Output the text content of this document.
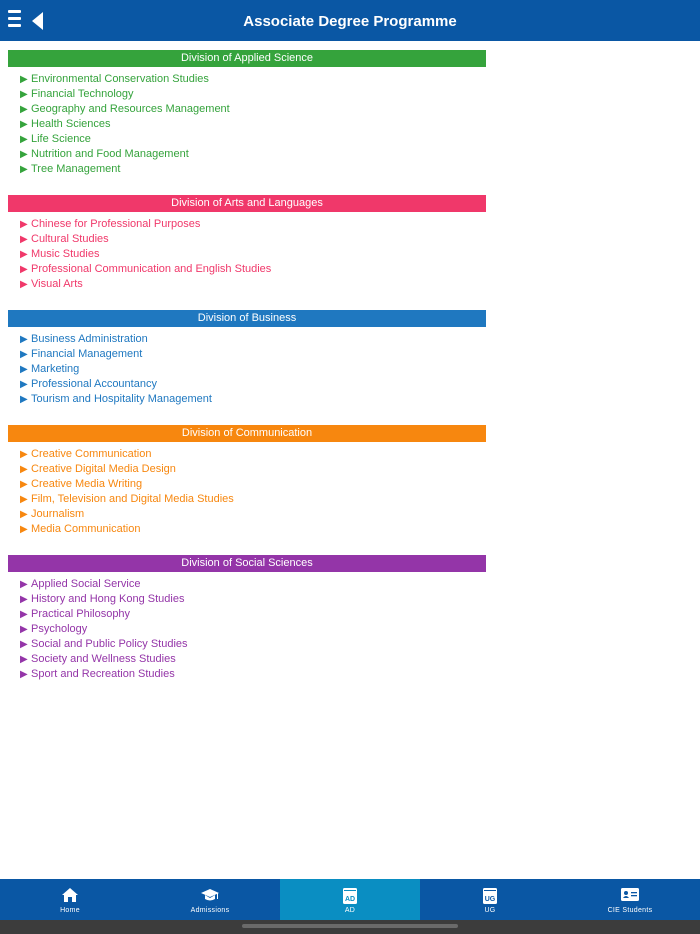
Associate Degree Programme
Division of Applied Science
▶ Environmental Conservation Studies
▶ Financial Technology
▶ Geography and Resources Management
▶ Health Sciences
▶ Life Science
▶ Nutrition and Food Management
▶ Tree Management
Division of Arts and Languages
▶ Chinese for Professional Purposes
▶ Cultural Studies
▶ Music Studies
▶ Professional Communication and English Studies
▶ Visual Arts
Division of Business
▶ Business Administration
▶ Financial Management
▶ Marketing
▶ Professional Accountancy
▶ Tourism and Hospitality Management
Division of Communication
▶ Creative Communication
▶ Creative Digital Media Design
▶ Creative Media Writing
▶ Film, Television and Digital Media Studies
▶ Journalism
▶ Media Communication
Division of Social Sciences
▶ Applied Social Service
▶ History and Hong Kong Studies
▶ Practical Philosophy
▶ Psychology
▶ Social and Public Policy Studies
▶ Society and Wellness Studies
▶ Sport and Recreation Studies
Home	Admissions
AD
AD
UG
UG	CIE Students
